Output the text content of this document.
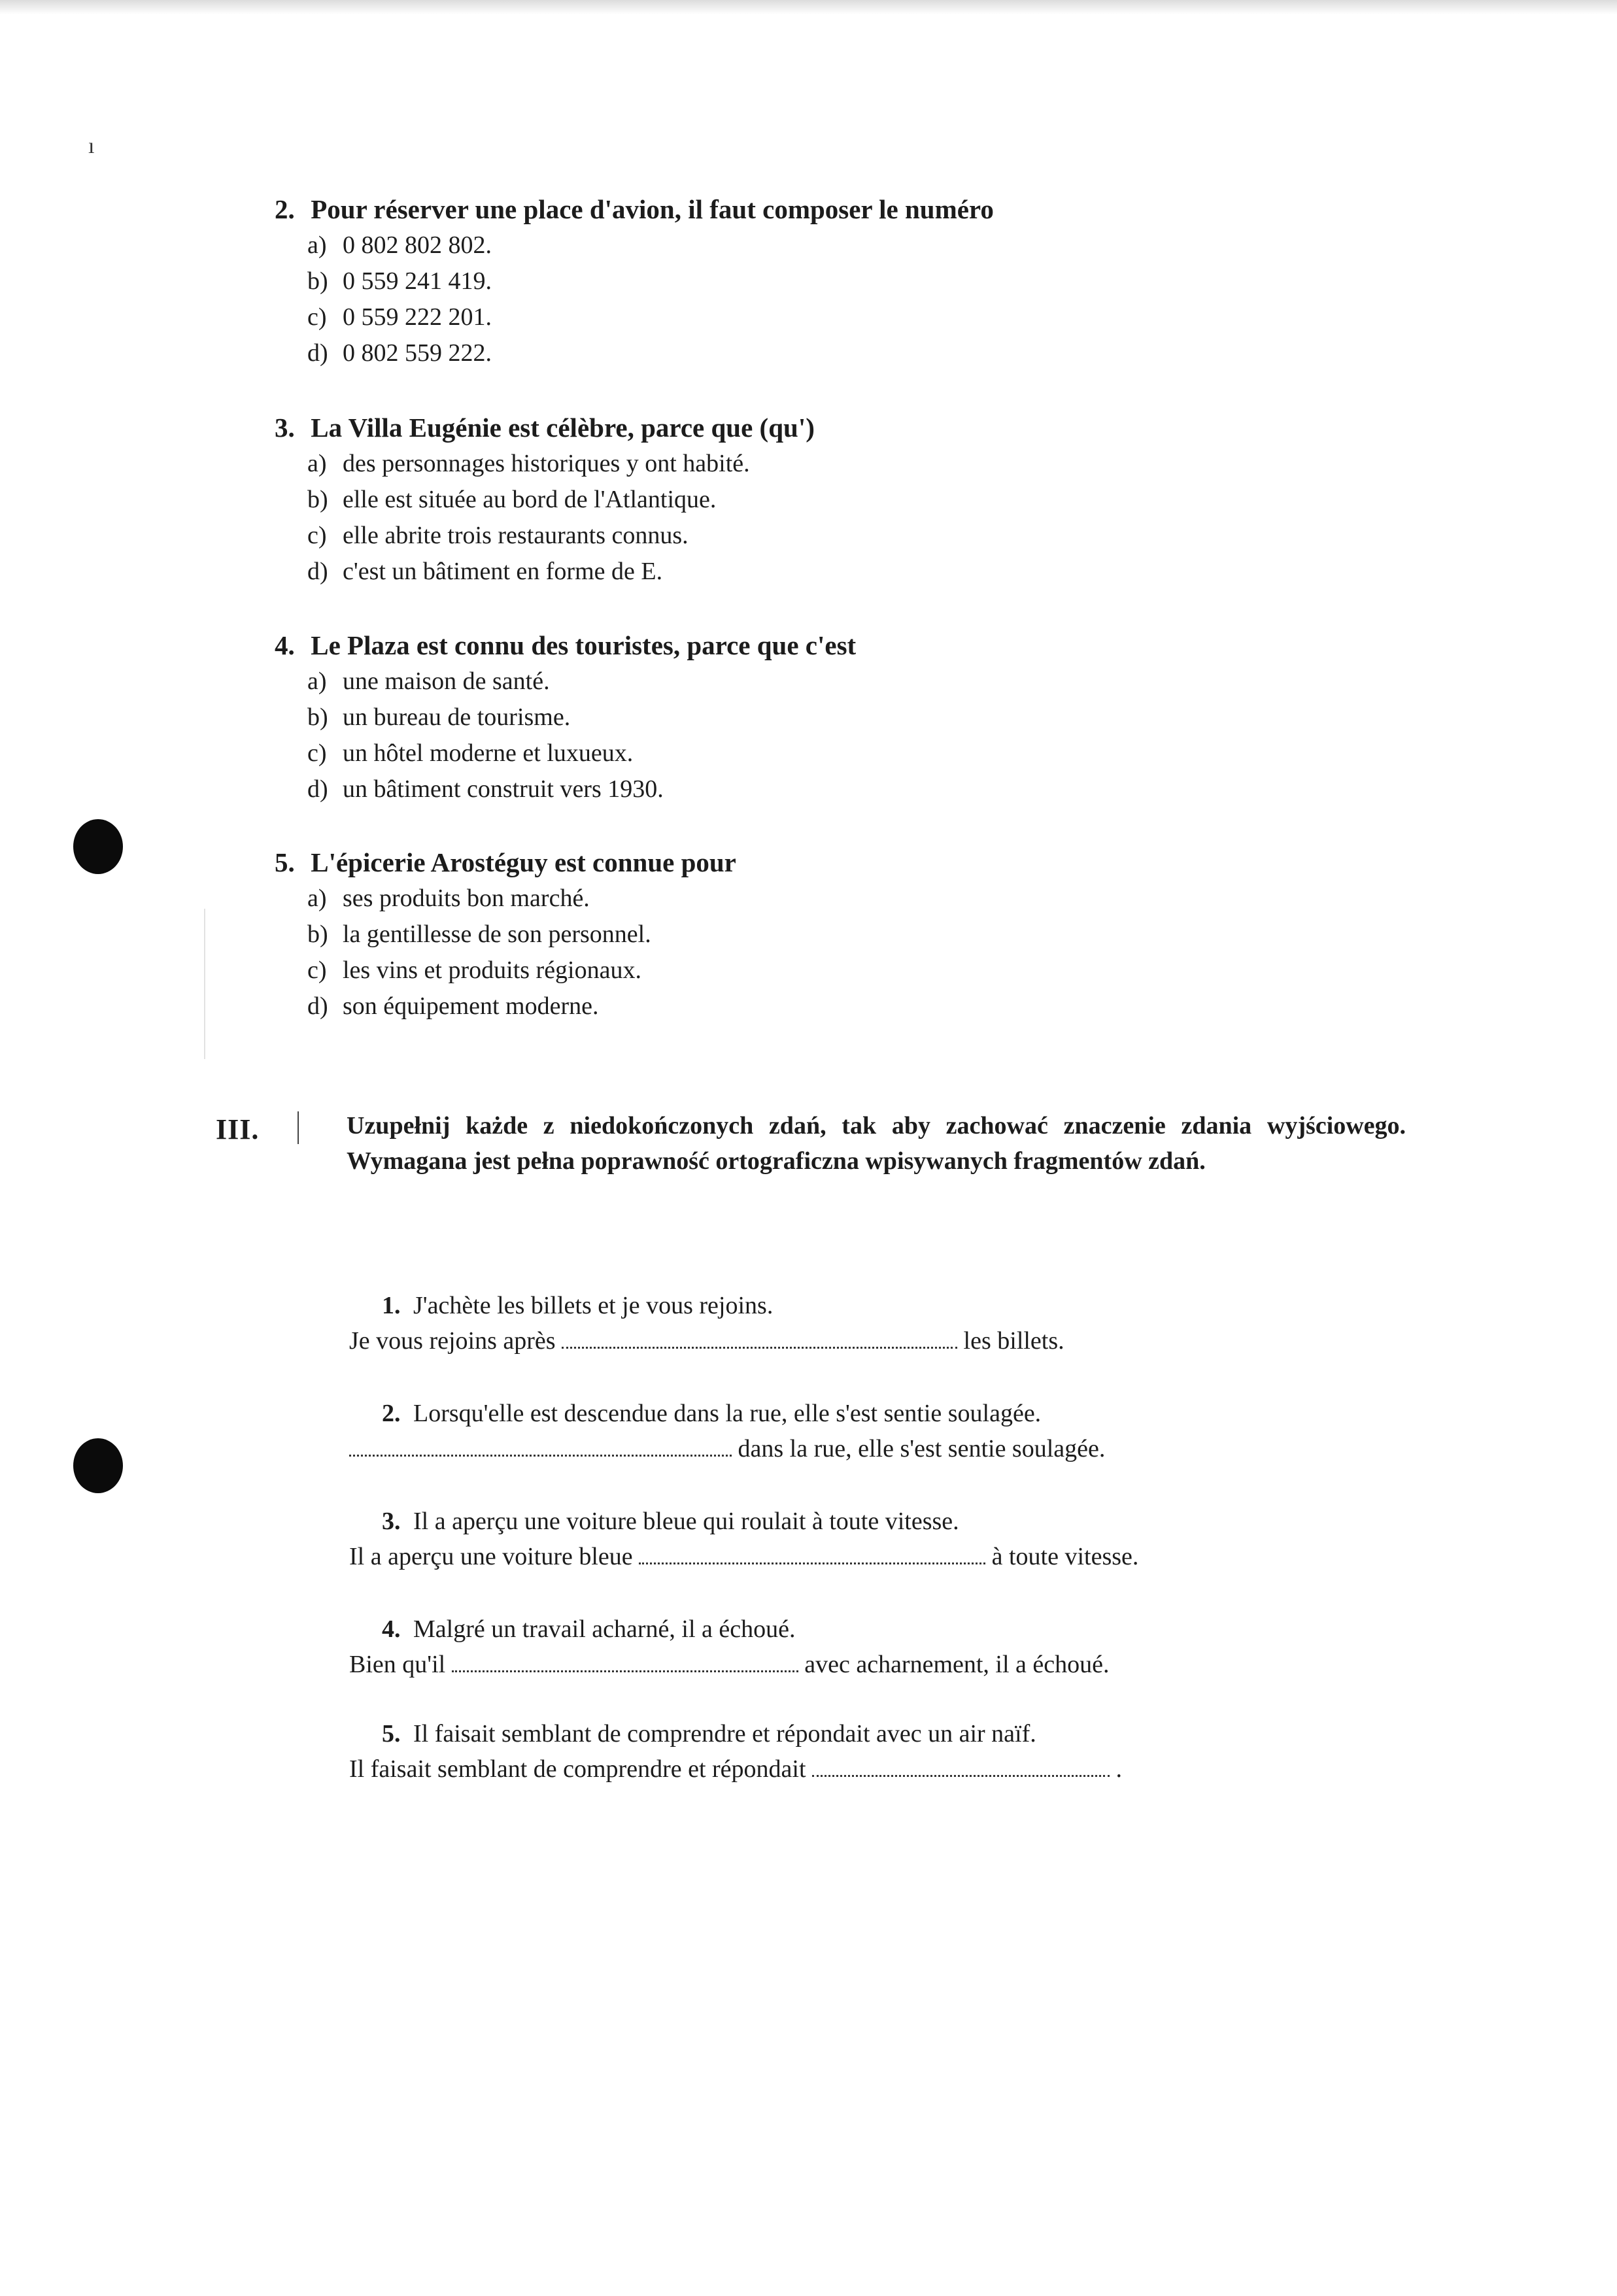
ı
2. Pour réserver une place d'avion, il faut composer le numéro
a) 0 802 802 802.
b) 0 559 241 419.
c) 0 559 222 201.
d) 0 802 559 222.
3. La Villa Eugénie est célèbre, parce que (qu')
a) des personnages historiques y ont habité.
b) elle est située au bord de l'Atlantique.
c) elle abrite trois restaurants connus.
d) c'est un bâtiment en forme de E.
4. Le Plaza est connu des touristes, parce que c'est
a) une maison de santé.
b) un bureau de tourisme.
c) un hôtel moderne et luxueux.
d) un bâtiment construit vers 1930.
5. L'épicerie Arostéguy est connue pour
a) ses produits bon marché.
b) la gentillesse de son personnel.
c) les vins et produits régionaux.
d) son équipement moderne.
III.	Uzupełnij każde z niedokończonych zdań, tak aby zachować znaczenie zdania wyjściowego. Wymagana jest pełna poprawność ortograficzna wpisywanych fragmentów zdań.
1. J'achète les billets et je vous rejoins.
Je vous rejoins après	les billets.
2. Lorsqu'elle est descendue dans la rue, elle s'est sentie soulagée.
dans la rue, elle s'est sentie soulagée.
3. Il a aperçu une voiture bleue qui roulait à toute vitesse.
Il a aperçu une voiture bleue	à toute vitesse.
4. Malgré un travail acharné, il a échoué.
Bien qu'il	avec acharnement, il a échoué.
5. Il faisait semblant de comprendre et répondait avec un air naïf.
Il faisait semblant de comprendre et répondait	.
